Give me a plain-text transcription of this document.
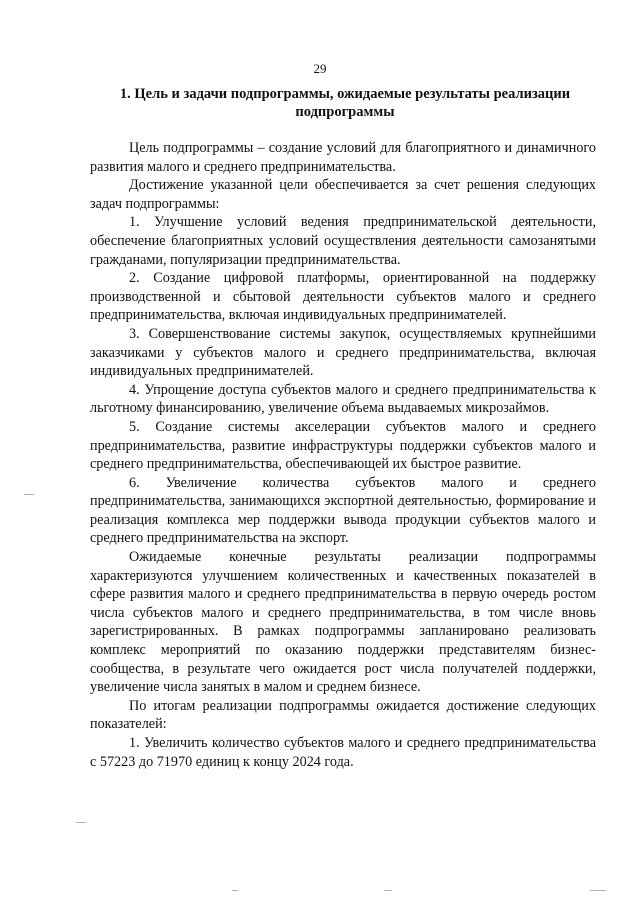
29
1. Цель и задачи подпрограммы, ожидаемые результаты реализации подпрограммы

Цель подпрограммы – создание условий для благоприятного и динамичного развития малого и среднего предпринимательства.

Достижение указанной цели обеспечивается за счет решения следующих задач подпрограммы:

1. Улучшение условий ведения предпринимательской деятельности, обеспечение благоприятных условий осуществления деятельности самозанятыми гражданами, популяризации предпринимательства.

2. Создание цифровой платформы, ориентированной на поддержку производственной и сбытовой деятельности субъектов малого и среднего предпринимательства, включая индивидуальных предпринимателей.

3. Совершенствование системы закупок, осуществляемых крупнейшими заказчиками у субъектов малого и среднего предпринимательства, включая индивидуальных предпринимателей.

4. Упрощение доступа субъектов малого и среднего предпринимательства к льготному финансированию, увеличение объема выдаваемых микрозаймов.

5. Создание системы акселерации субъектов малого и среднего предпринимательства, развитие инфраструктуры поддержки субъектов малого и среднего предпринимательства, обеспечивающей их быстрое развитие.

6. Увеличение количества субъектов малого и среднего предпринимательства, занимающихся экспортной деятельностью, формирование и реализация комплекса мер поддержки вывода продукции субъектов малого и среднего предпринимательства на экспорт.

Ожидаемые конечные результаты реализации подпрограммы характеризуются улучшением количественных и качественных показателей в сфере развития малого и среднего предпринимательства в первую очередь ростом числа субъектов малого и среднего предпринимательства, в том числе вновь зарегистрированных. В рамках подпрограммы запланировано реализовать комплекс мероприятий по оказанию поддержки представителям бизнес-сообщества, в результате чего ожидается рост числа получателей поддержки, увеличение числа занятых в малом и среднем бизнесе.

По итогам реализации подпрограммы ожидается достижение следующих показателей:

1. Увеличить количество субъектов малого и среднего предпринимательства с 57223 до 71970 единиц к концу 2024 года.
